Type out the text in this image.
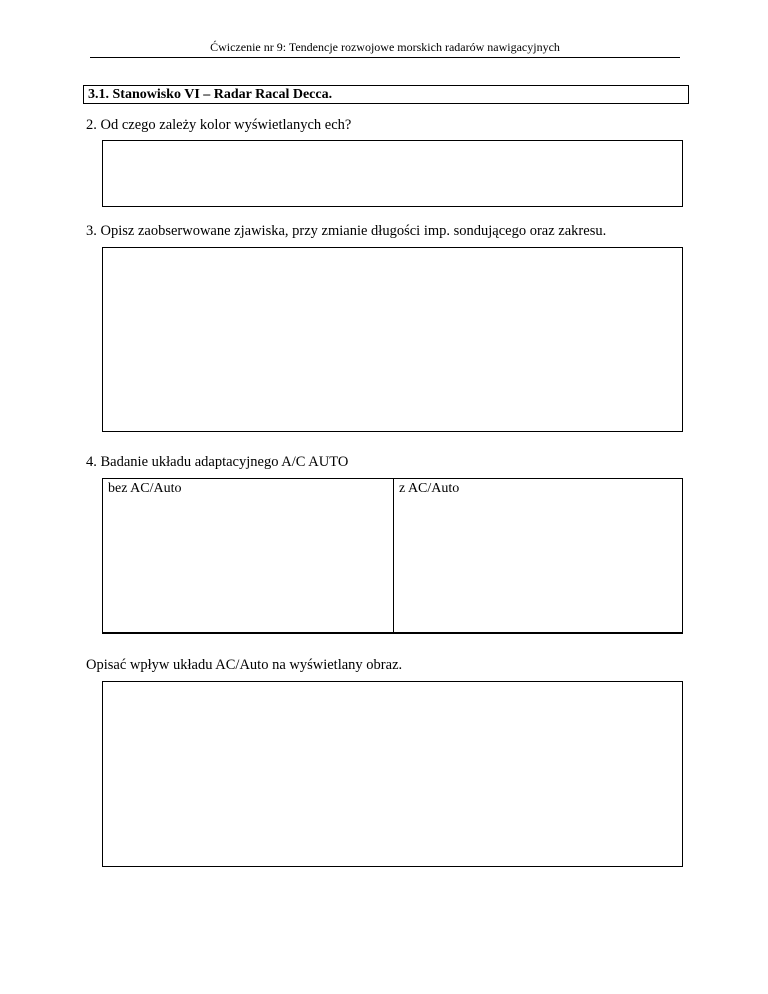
Ćwiczenie nr 9: Tendencje rozwojowe morskich radarów nawigacyjnych
3.1. Stanowisko VI – Radar Racal Decca.
2. Od czego zależy kolor wyświetlanych ech?
3. Opisz zaobserwowane zjawiska, przy zmianie długości imp. sondującego oraz zakresu.
4. Badanie układu adaptacyjnego A/C AUTO
bez AC/Auto	z AC/Auto
Opisać wpływ układu AC/Auto na wyświetlany obraz.
